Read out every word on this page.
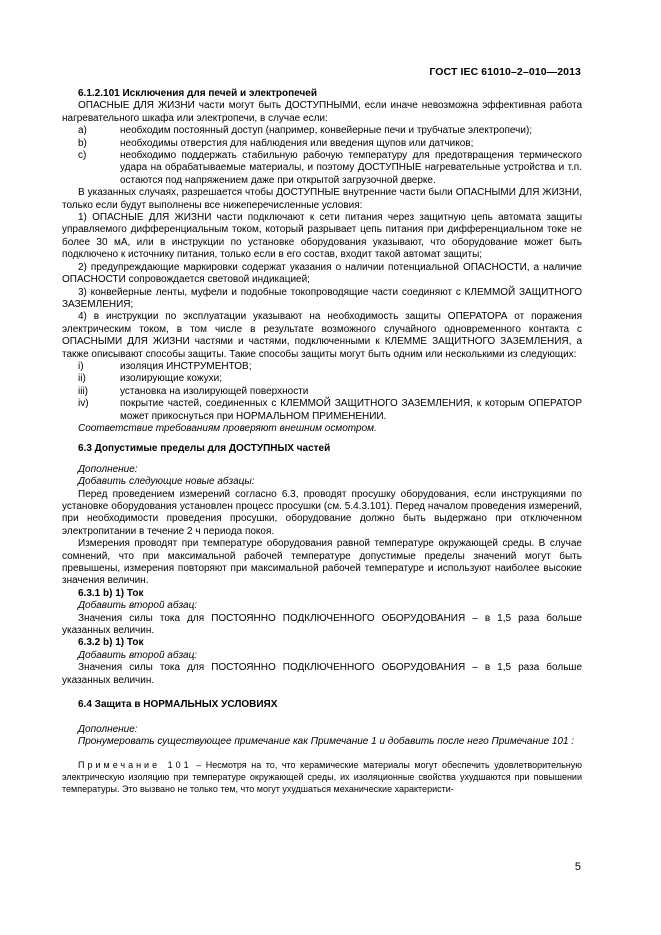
ГОСТ IEC 61010–2–010—2013

6.1.2.101 Исключения для печей и электропечей

ОПАСНЫЕ ДЛЯ ЖИЗНИ части могут быть ДОСТУПНЫМИ, если иначе невозможна эффективная работа нагревательного шкафа или электропечи, в случае если:

a)	необходим постоянный доступ (например, конвейерные печи и трубчатые электропечи);
b)	необходимы отверстия для наблюдения или введения щупов или датчиков;
c)	необходимо поддержать стабильную рабочую температуру для предотвращения термического удара на обрабатываемые материалы, и поэтому ДОСТУПНЫЕ нагревательные устройства и т.п. остаются под напряжением даже при открытой загрузочной дверке.

В указанных случаях, разрешается чтобы ДОСТУПНЫЕ внутренние части были ОПАСНЫМИ ДЛЯ ЖИЗНИ, только если будут выполнены все нижеперечисленные условия:

1) ОПАСНЫЕ ДЛЯ ЖИЗНИ части подключают к сети питания через защитную цепь автомата защиты управляемого дифференциальным током, который разрывает цепь питания при дифференциальном токе не более 30 мА, или в инструкции по установке оборудования указывают, что оборудование может быть подключено к источнику питания, только если в его состав, входит такой автомат защиты;

2) предупреждающие маркировки содержат указания о наличии потенциальной ОПАСНОСТИ, а наличие ОПАСНОСТИ сопровождается световой индикацией;

3) конвейерные ленты, муфели и подобные токопроводящие части соединяют с КЛЕММОЙ ЗАЩИТНОГО ЗАЗЕМЛЕНИЯ;

4) в инструкции по эксплуатации указывают на необходимость защиты ОПЕРАТОРА от поражения электрическим током, в том числе в результате возможного случайного одновременного контакта с ОПАСНЫМИ ДЛЯ ЖИЗНИ частями и частями, подключенными к КЛЕММЕ ЗАЩИТНОГО ЗАЗЕМЛЕНИЯ, а также описывают способы защиты. Такие способы защиты могут быть одним или несколькими из следующих:

i)	изоляция ИНСТРУМЕНТОВ;
ii)	изолирующие кожухи;
iii)	установка на изолирующей поверхности
iv)	покрытие частей, соединенных с КЛЕММОЙ ЗАЩИТНОГО ЗАЗЕМЛЕНИЯ, к которым ОПЕРАТОР может прикоснуться при НОРМАЛЬНОМ ПРИМЕНЕНИИ.

Соответствие требованиям проверяют внешним осмотром.

6.3 Допустимые пределы для ДОСТУПНЫХ частей

Дополнение:

Добавить следующие новые абзацы:

Перед проведением измерений согласно 6.3, проводят просушку оборудования, если инструкциями по установке оборудования установлен процесс просушки (см. 5.4.3.101). Перед началом проведения измерений, при необходимости проведения просушки, оборудование должно быть выдержано при отключенном электропитании в течение 2 ч периода покоя.

Измерения проводят при температуре оборудования равной температуре окружающей среды. В случае сомнений, что при максимальной рабочей температуре допустимые пределы значений могут быть превышены, измерения повторяют при максимальной рабочей температуре и используют наиболее высокие значения величин.

6.3.1 b) 1) Ток

Добавить второй абзац:

Значения силы тока для ПОСТОЯННО ПОДКЛЮЧЕННОГО ОБОРУДОВАНИЯ – в 1,5 раза больше указанных величин.

6.3.2 b) 1) Ток

Добавить второй абзац:

Значения силы тока для ПОСТОЯННО ПОДКЛЮЧЕННОГО ОБОРУДОВАНИЯ – в 1,5 раза больше указанных величин.

6.4 Защита в НОРМАЛЬНЫХ УСЛОВИЯХ

Дополнение:

Пронумеровать существующее примечание как Примечание 1 и добавить после него Примечание 101 :

Примечание 101 – Несмотря на то, что керамические материалы могут обеспечить удовлетворительную электрическую изоляцию при температуре окружающей среды, их изоляционные свойства ухудшаются при повышении температуры. Это вызвано не только тем, что могут ухудшаться механические характеристи-

5
